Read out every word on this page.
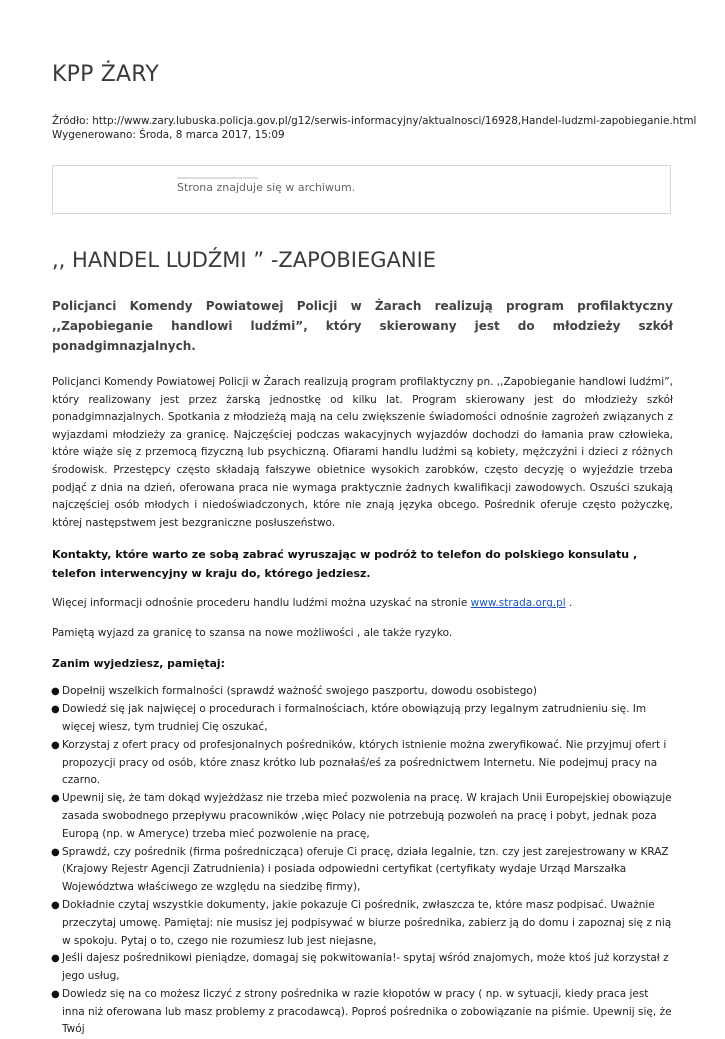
KPP ŻARY
Źródło: http://www.zary.lubuska.policja.gov.pl/g12/serwis-informacyjny/aktualnosci/16928,Handel-ludzmi-zapobieganie.html
Wygenerowano: Środa, 8 marca 2017, 15:09
Strona znajduje się w archiwum.
,, HANDEL LUDŹMI ” -ZAPOBIEGANIE

Policjanci Komendy Powiatowej Policji w Żarach realizują program profilaktyczny ,,Zapobieganie handlowi ludźmi”, który skierowany jest do młodzieży szkół ponadgimnazjalnych.

Policjanci Komendy Powiatowej Policji w Żarach realizują program profilaktyczny pn. ,,Zapobieganie handlowi ludźmi”, który realizowany jest przez żarską jednostkę od kilku lat. Program skierowany jest do młodzieży szkół ponadgimnazjalnych. Spotkania z młodzieżą mają na celu zwiększenie świadomości odnośnie zagrożeń związanych z wyjazdami młodzieży za granicę. Najczęściej podczas wakacyjnych wyjazdów dochodzi do łamania praw człowieka, które wiąże się z przemocą fizyczną lub psychiczną. Ofiarami handlu ludźmi są kobiety, mężczyźni i dzieci z różnych środowisk. Przestępcy często składają fałszywe obietnice wysokich zarobków, często decyzję o wyjeździe trzeba podjąć z dnia na dzień, oferowana praca nie wymaga praktycznie żadnych kwalifikacji zawodowych. Oszuści szukają najczęściej osób młodych i niedoświadczonych, które nie znają języka obcego. Pośrednik oferuje często pożyczkę, której następstwem jest bezgraniczne posłuszeństwo.

Kontakty, które warto ze sobą zabrać wyruszając w podróż to telefon do polskiego konsulatu , telefon interwencyjny w kraju do, którego jedziesz.

Więcej informacji odnośnie procederu handlu ludźmi można uzyskać na stronie www.strada.org.pl .

Pamiętą wyjazd za granicę to szansa na nowe możliwości , ale także ryzyko.

Zanim wyjedziesz, pamiętaj:

● Dopełnij wszelkich formalności (sprawdź ważność swojego paszportu, dowodu osobistego)
● Dowiedź się jak najwięcej o procedurach i formalnościach, które obowiązują przy legalnym zatrudnieniu się. Im więcej wiesz, tym trudniej Cię oszukać,
● Korzystaj z ofert pracy od profesjonalnych pośredników, których istnienie można zweryfikować. Nie przyjmuj ofert i propozycji pracy od osób, które znasz krótko lub poznałaś/eś za pośrednictwem Internetu. Nie podejmuj pracy na czarno.
● Upewnij się, że tam dokąd wyjeżdżasz nie trzeba mieć pozwolenia na pracę. W krajach Unii Europejskiej obowiązuje zasada swobodnego przepływu pracowników ,więc Polacy nie potrzebują pozwoleń na pracę i pobyt, jednak poza Europą (np. w Ameryce) trzeba mieć pozwolenie na pracę,
● Sprawdź, czy pośrednik (firma pośrednicząca) oferuje Ci pracę, działa legalnie, tzn. czy jest zarejestrowany w KRAZ (Krajowy Rejestr Agencji Zatrudnienia) i posiada odpowiedni certyfikat (certyfikaty wydaje Urząd Marszałka Województwa właściwego ze względu na siedzibę firmy),
● Dokładnie czytaj wszystkie dokumenty, jakie pokazuje Ci pośrednik, zwłaszcza te, które masz podpisać. Uważnie przeczytaj umowę. Pamiętaj: nie musisz jej podpisywać w biurze pośrednika, zabierz ją do domu i zapoznaj się z nią w spokoju. Pytaj o to, czego nie rozumiesz lub jest niejasne,
● Jeśli dajesz pośrednikowi pieniądze, domagaj się pokwitowania!- spytaj wśród znajomych, może ktoś już korzystał z jego usług,
● Dowiedz się na co możesz liczyć z strony pośrednika w razie kłopotów w pracy ( np. w sytuacji, kiedy praca jest inna niż oferowana lub masz problemy z pracodawcą). Poproś pośrednika o zobowiązanie na piśmie. Upewnij się, że Twój
